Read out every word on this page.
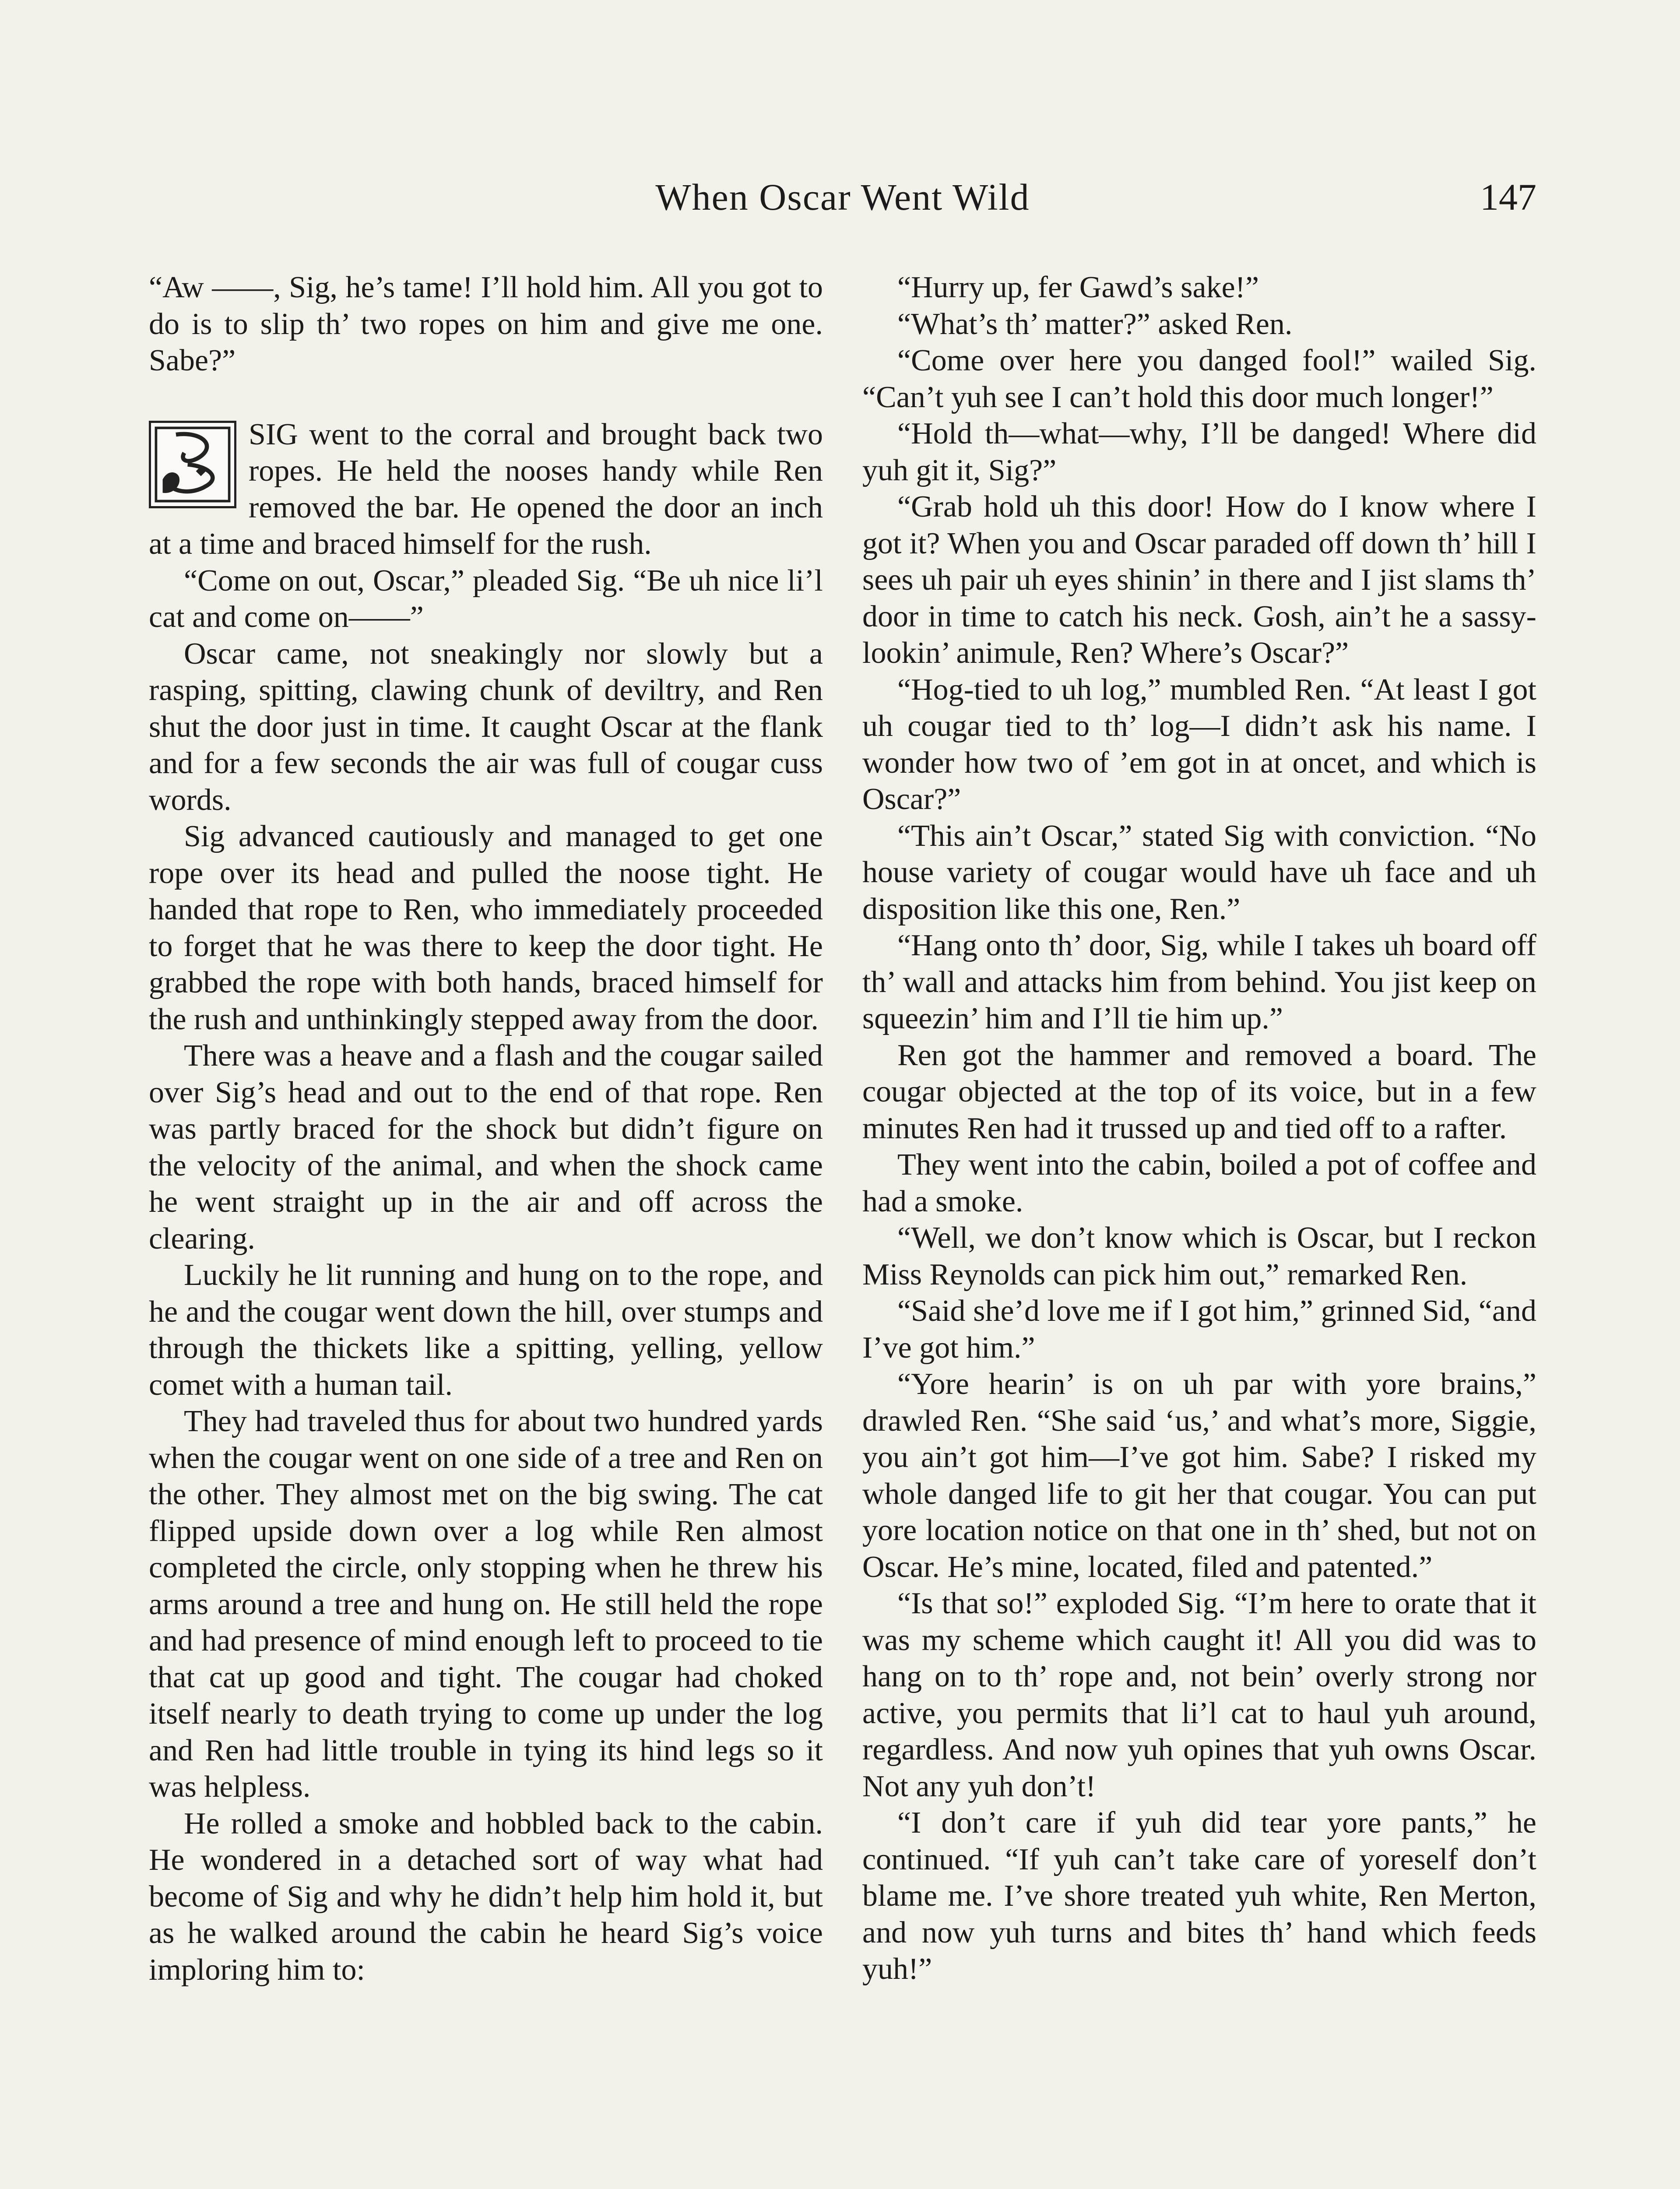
When Oscar Went Wild	147

“Aw ——, Sig, he’s tame! I’ll hold him. All you got to do is to slip th’ two ropes on him and give me one. Sabe?”

SIG went to the corral and brought back two ropes. He held the nooses handy while Ren removed the bar. He opened the door an inch at a time and braced himself for the rush.

“Come on out, Oscar,” pleaded Sig. “Be uh nice li’l cat and come on——”

Oscar came, not sneakingly nor slowly but a rasping, spitting, clawing chunk of deviltry, and Ren shut the door just in time. It caught Oscar at the flank and for a few seconds the air was full of cougar cuss words.

Sig advanced cautiously and managed to get one rope over its head and pulled the noose tight. He handed that rope to Ren, who immediately proceeded to forget that he was there to keep the door tight. He grabbed the rope with both hands, braced himself for the rush and unthinkingly stepped away from the door.

There was a heave and a flash and the cougar sailed over Sig’s head and out to the end of that rope. Ren was partly braced for the shock but didn’t figure on the velocity of the animal, and when the shock came he went straight up in the air and off across the clearing.

Luckily he lit running and hung on to the rope, and he and the cougar went down the hill, over stumps and through the thickets like a spitting, yelling, yellow comet with a human tail.

They had traveled thus for about two hundred yards when the cougar went on one side of a tree and Ren on the other. They almost met on the big swing. The cat flipped upside down over a log while Ren almost completed the circle, only stopping when he threw his arms around a tree and hung on. He still held the rope and had presence of mind enough left to proceed to tie that cat up good and tight. The cougar had choked itself nearly to death trying to come up under the log and Ren had little trouble in tying its hind legs so it was helpless.

He rolled a smoke and hobbled back to the cabin. He wondered in a detached sort of way what had become of Sig and why he didn’t help him hold it, but as he walked around the cabin he heard Sig’s voice imploring him to:

“Hurry up, fer Gawd’s sake!”

“What’s th’ matter?” asked Ren.

“Come over here you danged fool!” wailed Sig. “Can’t yuh see I can’t hold this door much longer!”

“Hold th—what—why, I’ll be danged! Where did yuh git it, Sig?”

“Grab hold uh this door! How do I know where I got it? When you and Oscar paraded off down th’ hill I sees uh pair uh eyes shinin’ in there and I jist slams th’ door in time to catch his neck. Gosh, ain’t he a sassy-lookin’ animule, Ren? Where’s Oscar?”

“Hog-tied to uh log,” mumbled Ren. “At least I got uh cougar tied to th’ log—I didn’t ask his name. I wonder how two of ’em got in at oncet, and which is Oscar?”

“This ain’t Oscar,” stated Sig with conviction. “No house variety of cougar would have uh face and uh disposition like this one, Ren.”

“Hang onto th’ door, Sig, while I takes uh board off th’ wall and attacks him from behind. You jist keep on squeezin’ him and I’ll tie him up.”

Ren got the hammer and removed a board. The cougar objected at the top of its voice, but in a few minutes Ren had it trussed up and tied off to a rafter.

They went into the cabin, boiled a pot of coffee and had a smoke.

“Well, we don’t know which is Oscar, but I reckon Miss Reynolds can pick him out,” remarked Ren.

“Said she’d love me if I got him,” grinned Sid, “and I’ve got him.”

“Yore hearin’ is on uh par with yore brains,” drawled Ren. “She said ‘us,’ and what’s more, Siggie, you ain’t got him—I’ve got him. Sabe? I risked my whole danged life to git her that cougar. You can put yore location notice on that one in th’ shed, but not on Oscar. He’s mine, located, filed and patented.”

“Is that so!” exploded Sig. “I’m here to orate that it was my scheme which caught it! All you did was to hang on to th’ rope and, not bein’ overly strong nor active, you permits that li’l cat to haul yuh around, regardless. And now yuh opines that yuh owns Oscar. Not any yuh don’t!

“I don’t care if yuh did tear yore pants,” he continued. “If yuh can’t take care of yoreself don’t blame me. I’ve shore treated yuh white, Ren Merton, and now yuh turns and bites th’ hand which feeds yuh!”
